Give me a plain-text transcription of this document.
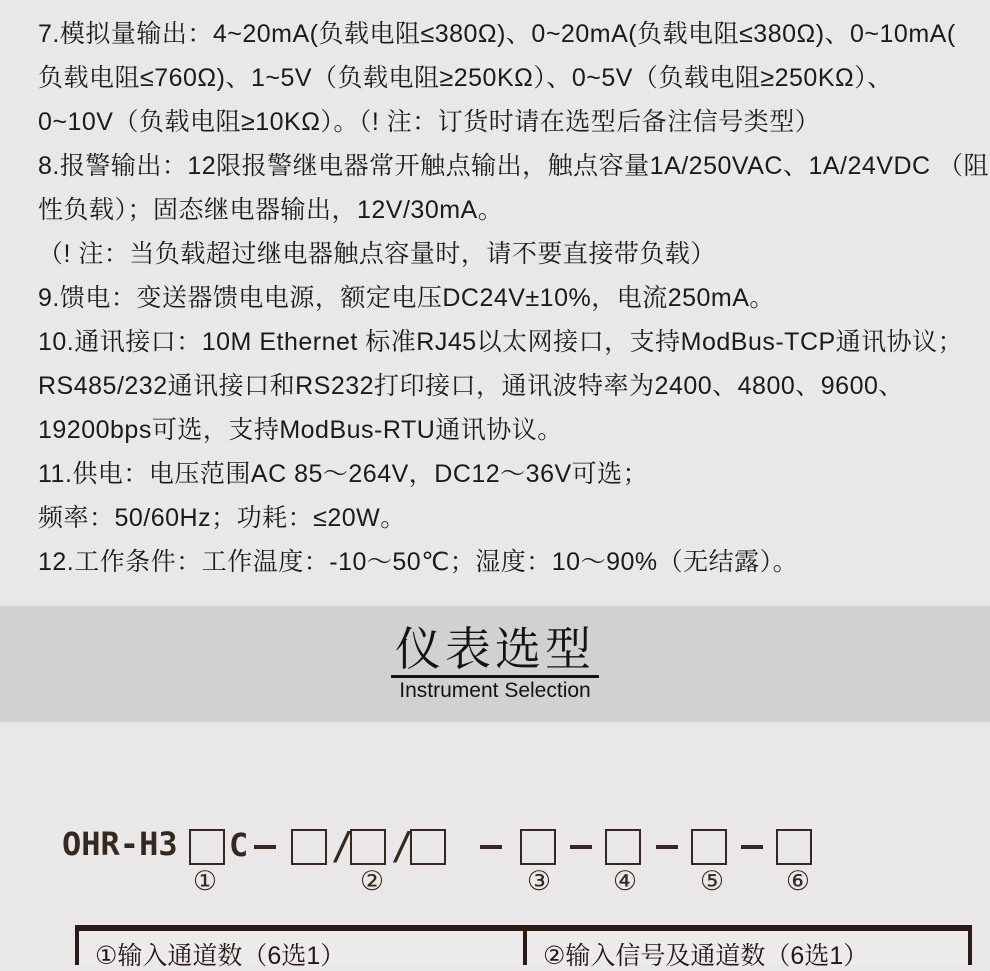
7.模拟量输出：4~20mA(负载电阻≤380Ω)、0~20mA(负载电阻≤380Ω)、0~10mA(
负载电阻≤760Ω)、1~5V（负载电阻≥250KΩ）、0~5V（负载电阻≥250KΩ）、
0~10V（负载电阻≥10KΩ）。（! 注：订货时请在选型后备注信号类型）
8.报警输出：12限报警继电器常开触点输出，触点容量1A/250VAC、1A/24VDC （阻
性负载）；固态继电器输出，12V/30mA。
（! 注：当负载超过继电器触点容量时，请不要直接带负载）
9.馈电：变送器馈电电源，额定电压DC24V±10%，电流250mA。
10.通讯接口：10M Ethernet 标准RJ45以太网接口，支持ModBus-TCP通讯协议；
RS485/232通讯接口和RS232打印接口，通讯波特率为2400、4800、9600、
19200bps可选，支持ModBus-RTU通讯协议。
11.供电：电压范围AC 85～264V，DC12～36V可选；
频率：50/60Hz；功耗：≤20W。
12.工作条件：工作温度：-10～50℃；湿度：10～90%（无结露）。
仪表选型
Instrument Selection
OHR-H3 C / /
①	②	③ ④ ⑤ ⑥
①输入通道数（6选1）	②输入信号及通道数（6选1）
